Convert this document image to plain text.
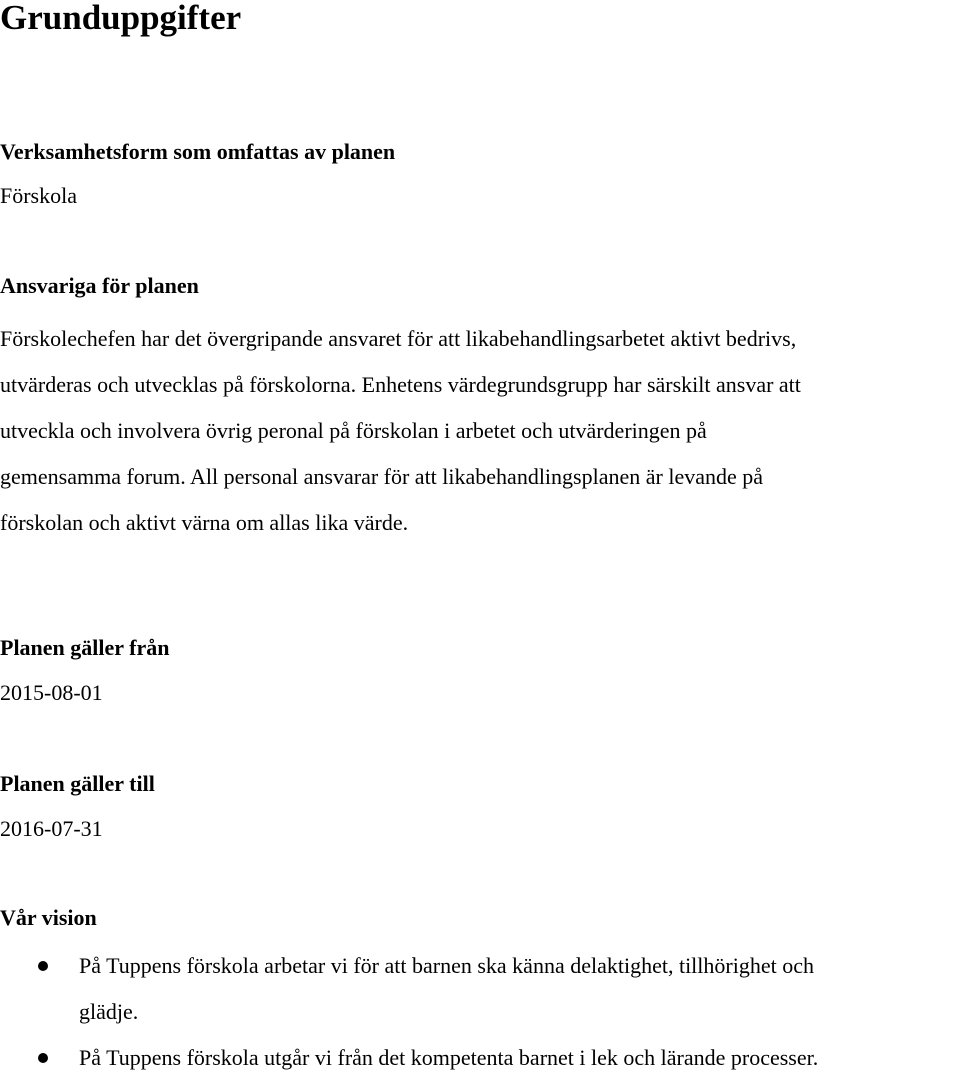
Grunduppgifter
Verksamhetsform som omfattas av planen
Förskola
Ansvariga för planen
Förskolechefen har det övergripande ansvaret för att likabehandlingsarbetet aktivt bedrivs,
utvärderas och utvecklas på förskolorna. Enhetens värdegrundsgrupp har särskilt ansvar att
utveckla och involvera övrig peronal på förskolan i arbetet och utvärderingen på
gemensamma forum. All personal ansvarar för att likabehandlingsplanen är levande på
förskolan och aktivt värna om allas lika värde.
Planen gäller från
2015-08-01
Planen gäller till
2016-07-31
Vår vision
På Tuppens förskola arbetar vi för att barnen ska känna delaktighet, tillhörighet och
glädje.
På Tuppens förskola utgår vi från det kompetenta barnet i lek och lärande processer.
